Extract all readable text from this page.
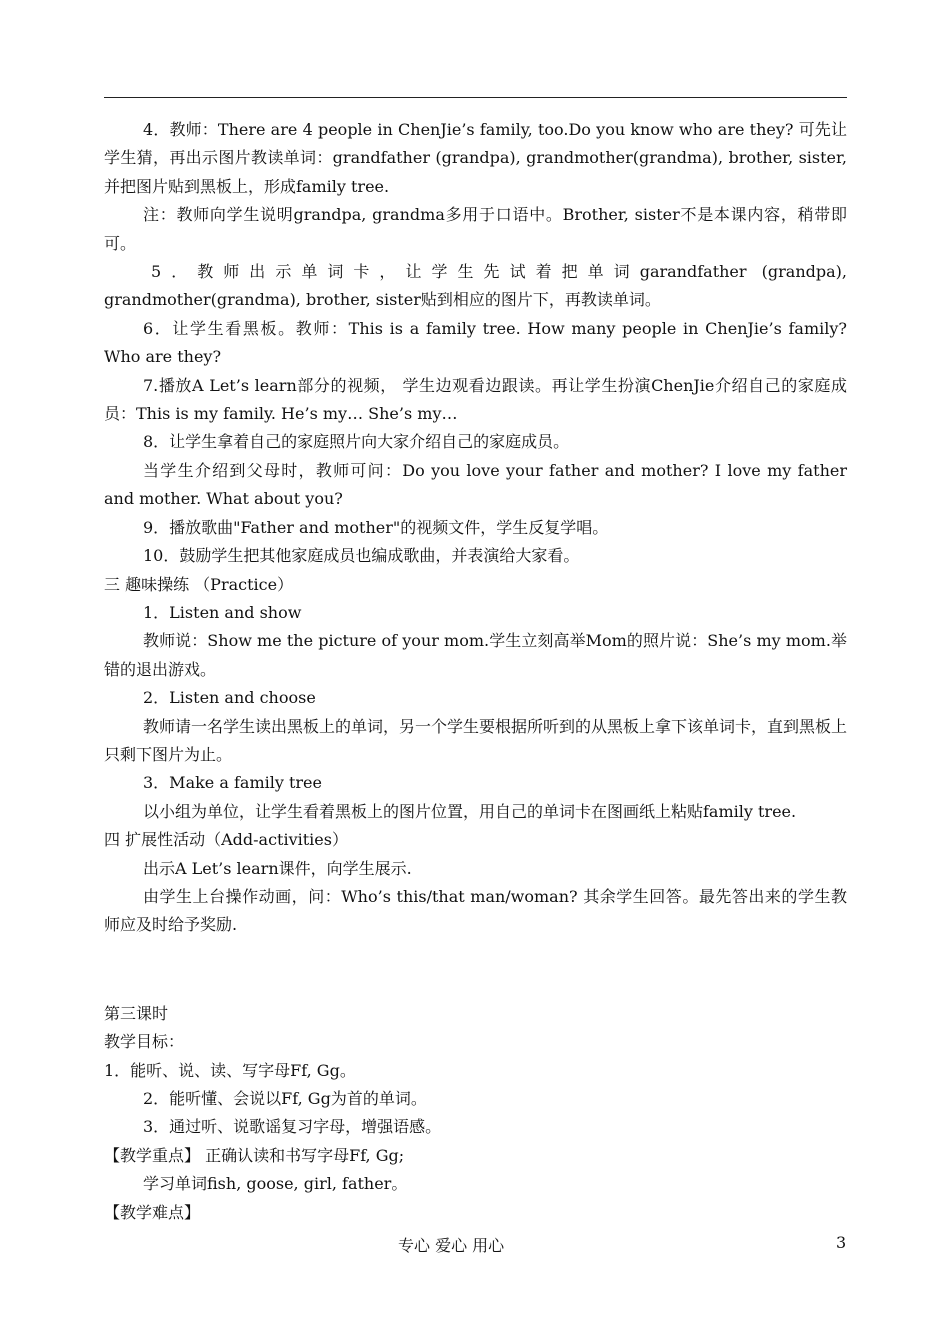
4．教师：There are 4 people in ChenJie’s family, too.Do you know who are they? 可先让学生猜，再出示图片教读单词：grandfather (grandpa), grandmother(grandma), brother, sister, 并把图片贴到黑板上，形成family tree.

注：教师向学生说明grandpa, grandma多用于口语中。Brother, sister不是本课内容，稍带即可。

5．教师出示单词卡，让学生先试着把单词garandfather (grandpa), grandmother(grandma), brother, sister贴到相应的图片下，再教读单词。

6．让学生看黑板。教师：This is a family tree. How many people in ChenJie’s family? Who are they?

7.播放A Let’s learn部分的视频， 学生边观看边跟读。再让学生扮演ChenJie介绍自己的家庭成员：This is my family. He’s my… She’s my…

8．让学生拿着自己的家庭照片向大家介绍自己的家庭成员。

当学生介绍到父母时，教师可问：Do you love your father and mother? I love my father and mother. What about you?

9．播放歌曲"Father and mother"的视频文件，学生反复学唱。

10．鼓励学生把其他家庭成员也编成歌曲，并表演给大家看。

三 趣味操练 （Practice）

1．Listen and show

教师说：Show me the picture of your mom.学生立刻高举Mom的照片说：She’s my mom.举错的退出游戏。

2．Listen and choose

教师请一名学生读出黑板上的单词，另一个学生要根据所听到的从黑板上拿下该单词卡，直到黑板上只剩下图片为止。

3．Make a family tree

以小组为单位，让学生看着黑板上的图片位置，用自己的单词卡在图画纸上粘贴family tree.

四 扩展性活动（Add-activities）

出示A Let’s learn课件，向学生展示.

由学生上台操作动画，问：Who’s this/that man/woman? 其余学生回答。最先答出来的学生教师应及时给予奖励.

第三课时

教学目标：

1．能听、说、读、写字母Ff, Gg。

2．能听懂、会说以Ff, Gg为首的单词。

3．通过听、说歌谣复习字母，增强语感。

【教学重点】 正确认读和书写字母Ff, Gg;

学习单词fish, goose, girl, father。

【教学难点】

专心 爱心 用心	3
